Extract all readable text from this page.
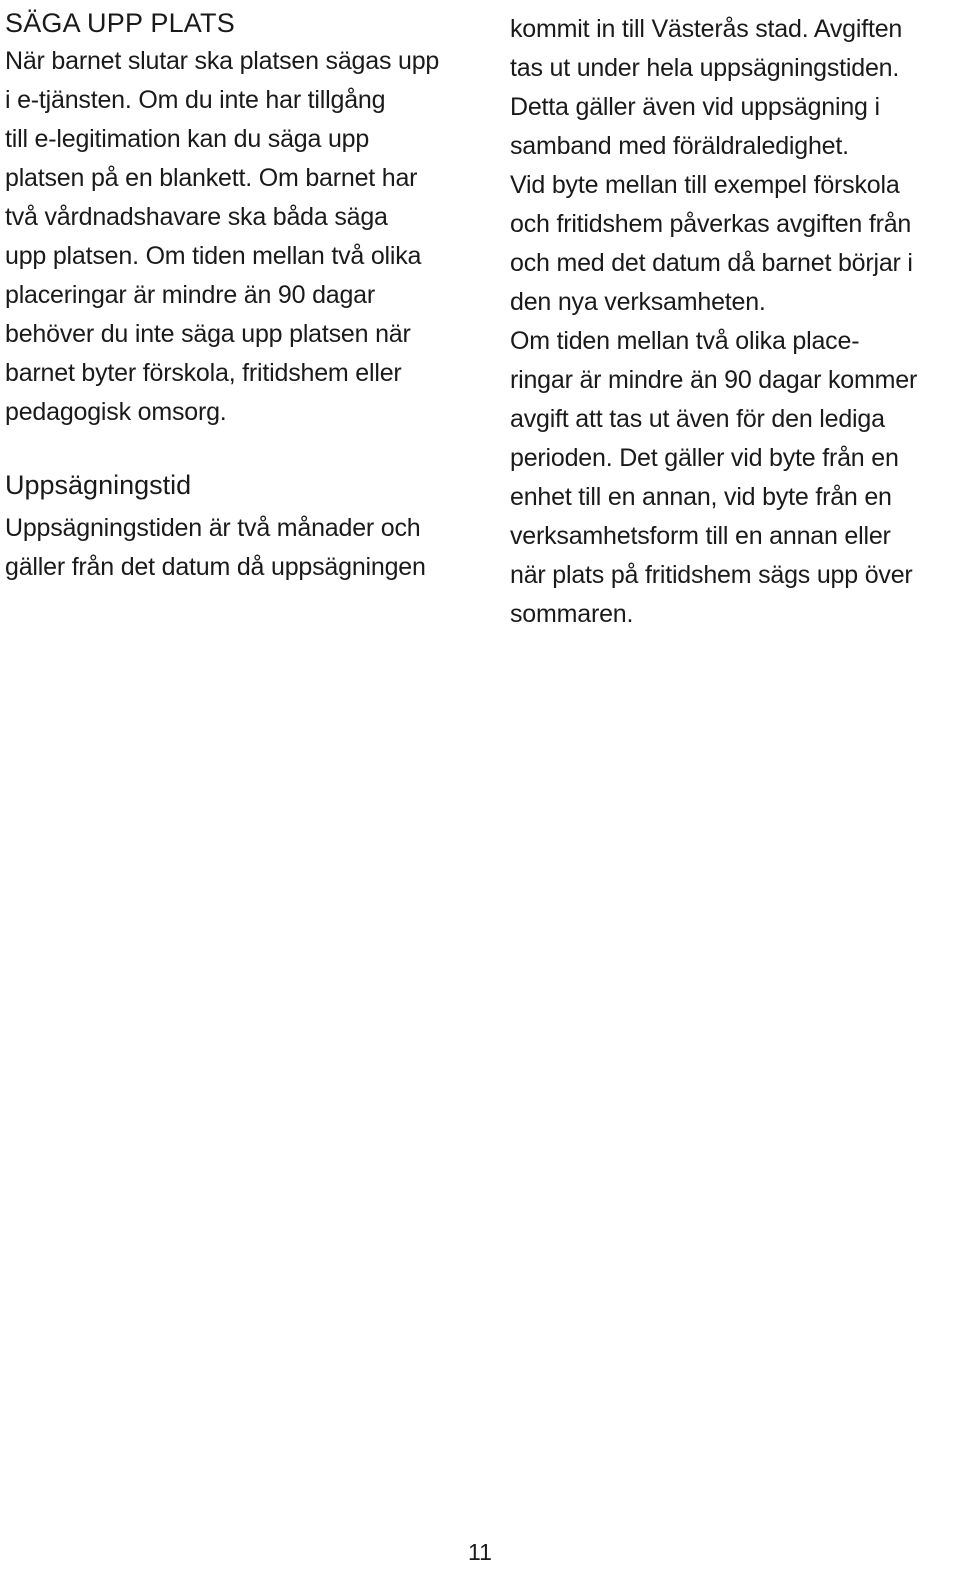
SÄGA UPP PLATS

När barnet slutar ska platsen sägas upp
i e-tjänsten. Om du inte har tillgång
till e-legitimation kan du säga upp
platsen på en blankett. Om barnet har
två vårdnadshavare ska båda säga
upp platsen. Om tiden mellan två olika
placeringar är mindre än 90 dagar
behöver du inte säga upp platsen när
barnet byter förskola, fritidshem eller
pedagogisk omsorg.

Uppsägningstid

Uppsägningstiden är två månader och
gäller från det datum då uppsägningen

kommit in till Västerås stad. Avgiften
tas ut under hela uppsägningstiden.
Detta gäller även vid uppsägning i
samband med föräldraledighet.

Vid byte mellan till exempel förskola
och fritidshem påverkas avgiften från
och med det datum då barnet börjar i
den nya verksamheten.

Om tiden mellan två olika place-
ringar är mindre än 90 dagar kommer
avgift att tas ut även för den lediga
perioden. Det gäller vid byte från en
enhet till en annan, vid byte från en
verksamhetsform till en annan eller
när plats på fritidshem sägs upp över
sommaren.

11
